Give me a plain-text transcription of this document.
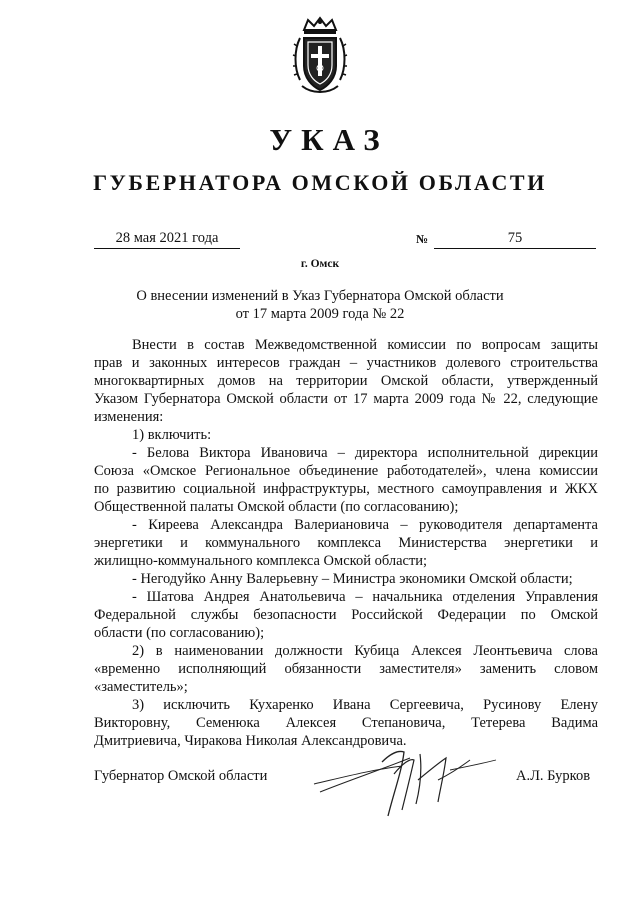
УКАЗ
ГУБЕРНАТОРА ОМСКОЙ ОБЛАСТИ
28 мая 2021 года	№	75
г. Омск
О внесении изменений в Указ Губернатора Омской области
от 17 марта 2009 года № 22
Внести в состав Межведомственной комиссии по вопросам защиты
прав и законных интересов граждан – участников долевого строительства
многоквартирных домов на территории Омской области, утвержденный
Указом Губернатора Омской области от 17 марта 2009 года № 22, следующие
изменения:
1) включить:
- Белова Виктора Ивановича – директора исполнительной дирекции
Союза «Омское Региональное объединение работодателей», члена комиссии
по развитию социальной инфраструктуры, местного самоуправления и ЖКХ
Общественной палаты Омской области (по согласованию);
- Киреева Александра Валериановича – руководителя департамента
энергетики и коммунального комплекса Министерства энергетики и
жилищно-коммунального комплекса Омской области;
- Негодуйко Анну Валерьевну – Министра экономики Омской области;
- Шатова Андрея Анатольевича – начальника отделения Управления
Федеральной службы безопасности Российской Федерации по Омской
области (по согласованию);
2) в наименовании должности Кубица Алексея Леонтьевича слова
«временно исполняющий обязанности заместителя» заменить словом
«заместитель»;
3) исключить Кухаренко Ивана Сергеевича, Русинову Елену
Викторовну, Семенюка Алексея Степановича, Тетерева Вадима
Дмитриевича, Чиракова Николая Александровича.
Губернатор Омской области	А.Л. Бурков
